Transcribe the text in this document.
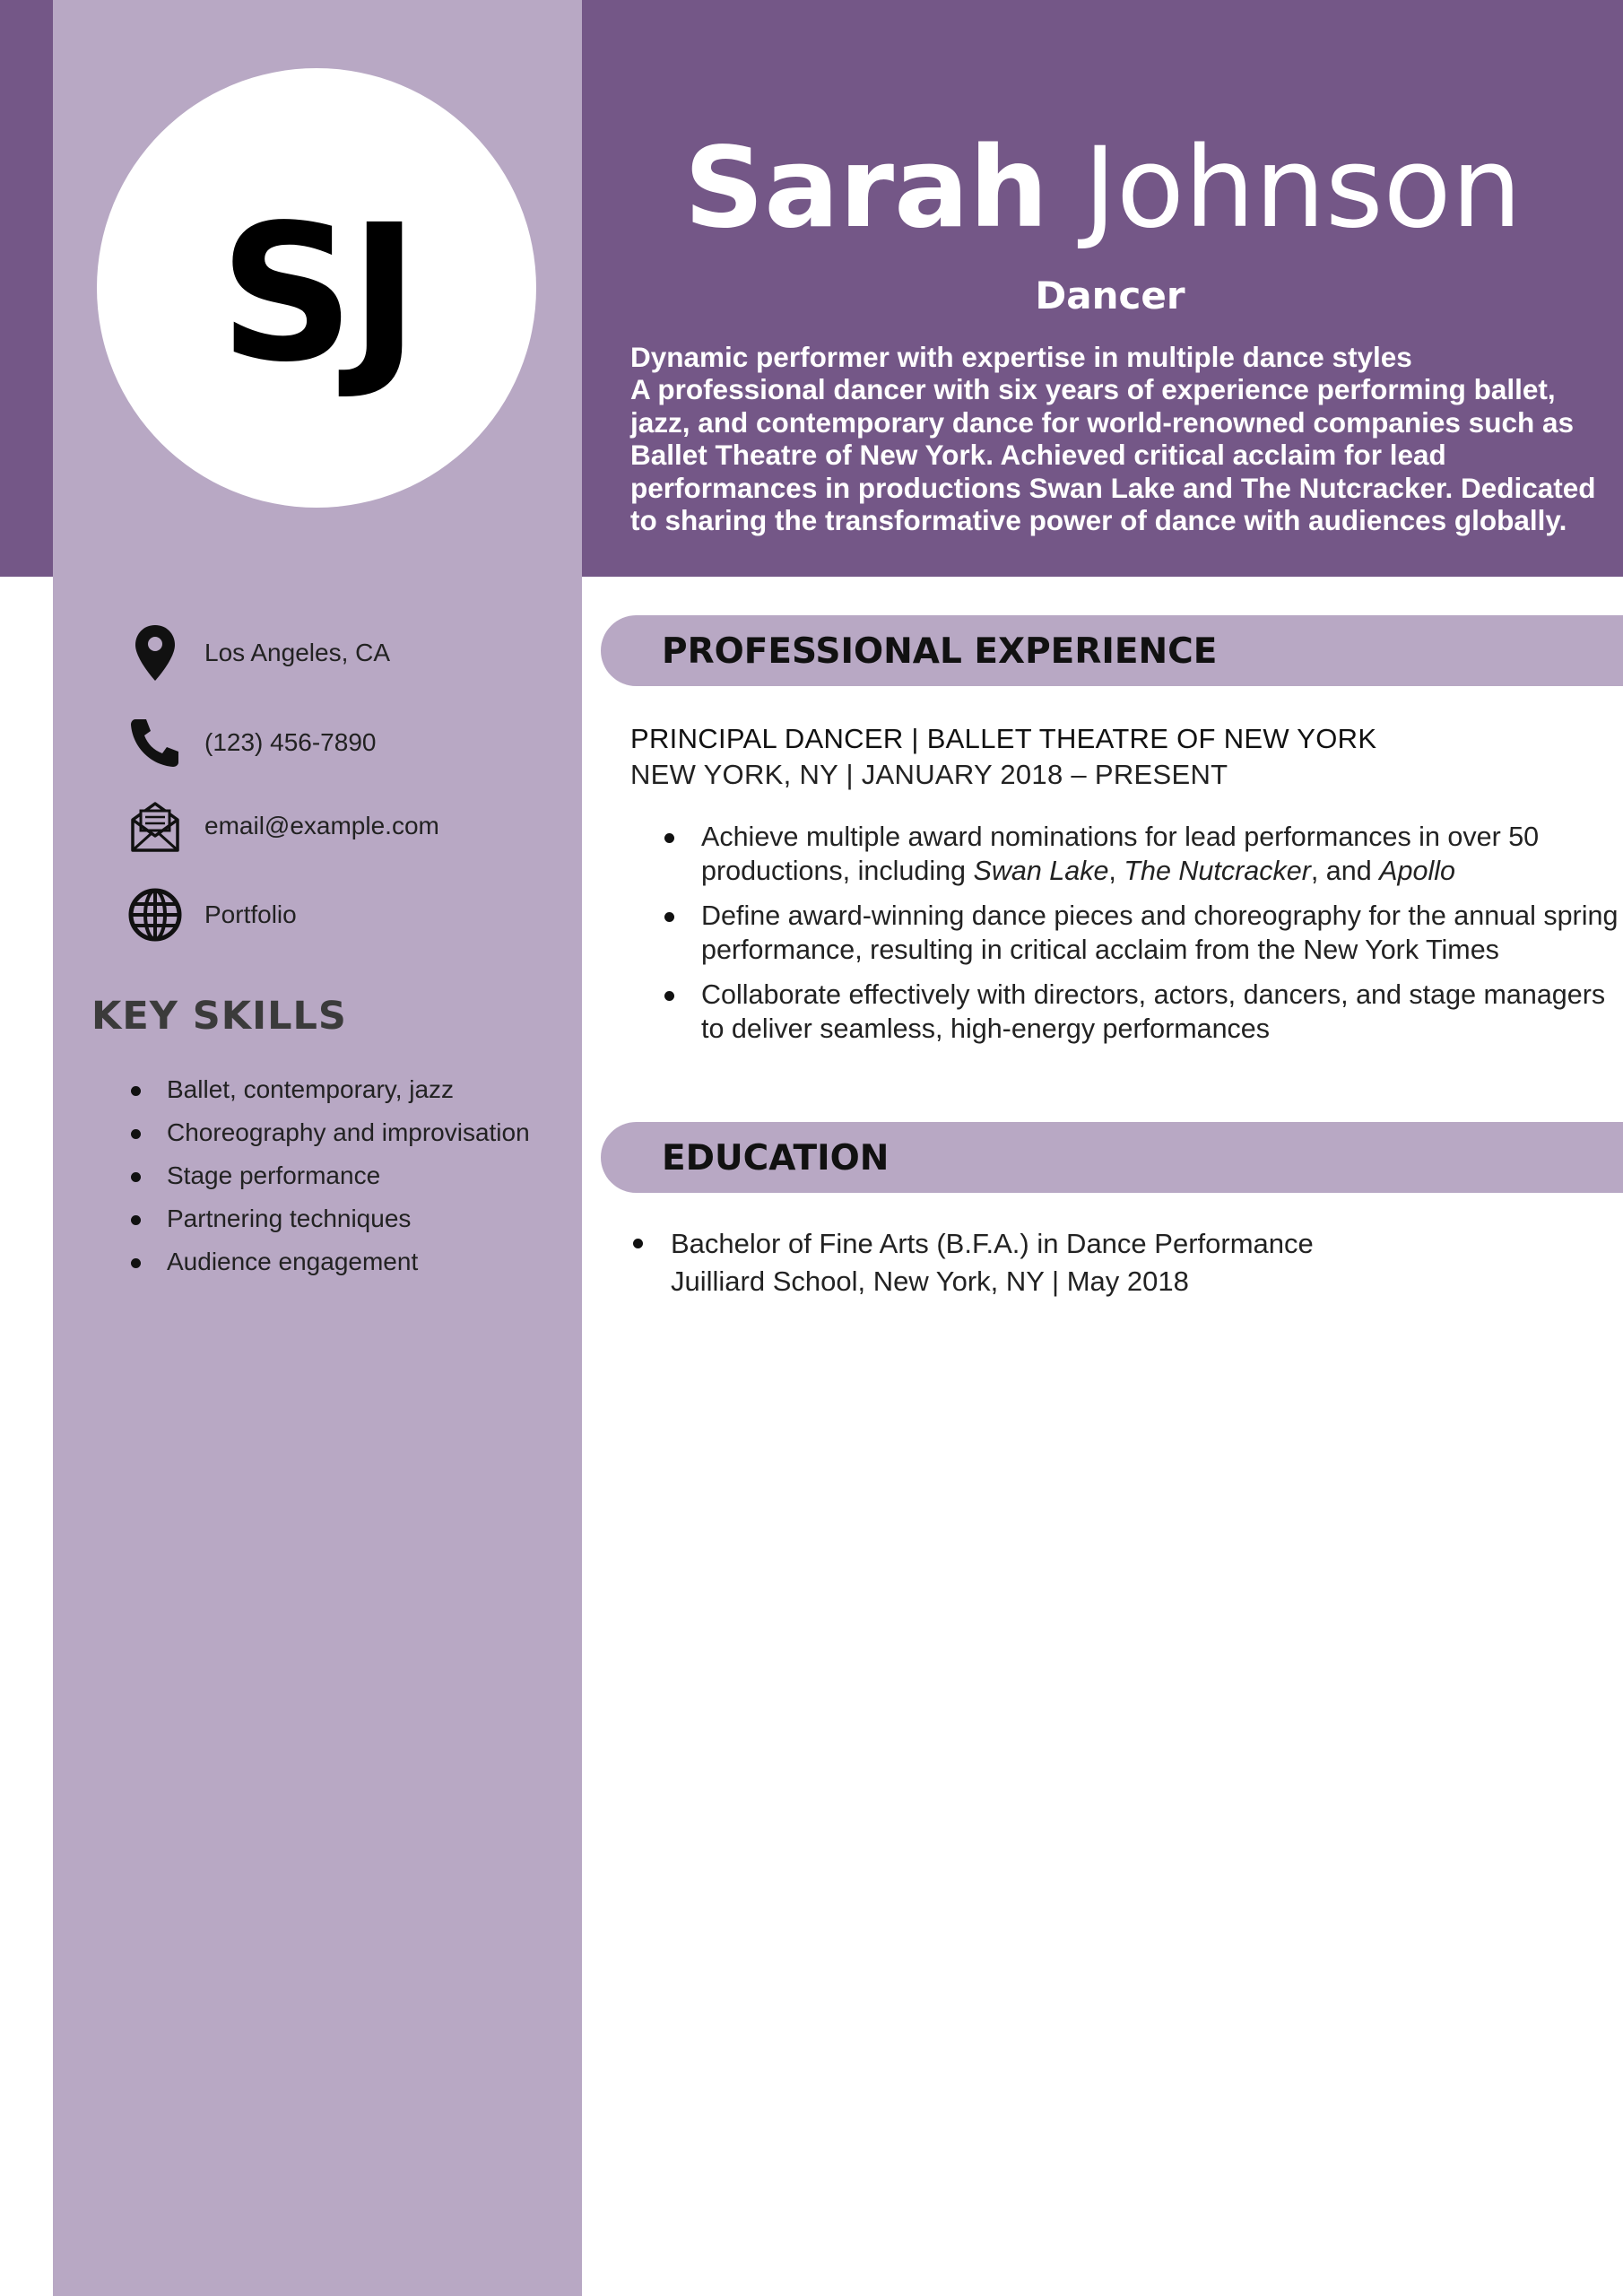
SJ	Sarah Johnson
Dancer
Dynamic performer with expertise in multiple dance styles
A professional dancer with six years of experience performing ballet,
jazz, and contemporary dance for world-renowned companies such as
Ballet Theatre of New York. Achieved critical acclaim for lead
performances in productions Swan Lake and The Nutcracker. Dedicated
to sharing the transformative power of dance with audiences globally.
Los Angeles, CA
(123) 456-7890
email@example.com
Portfolio
KEY SKILLS
Ballet, contemporary, jazz
Choreography and improvisation
Stage performance
Partnering techniques
Audience engagement
PROFESSIONAL EXPERIENCE
PRINCIPAL DANCER | BALLET THEATRE OF NEW YORK
NEW YORK, NY | JANUARY 2018 – PRESENT
Achieve multiple award nominations for lead performances in over 50 productions, including Swan Lake, The Nutcracker, and Apollo
Define award-winning dance pieces and choreography for the annual spring performance, resulting in critical acclaim from the New York Times
Collaborate effectively with directors, actors, dancers, and stage managers to deliver seamless, high-energy performances
EDUCATION
Bachelor of Fine Arts (B.F.A.) in Dance Performance
Juilliard School, New York, NY | May 2018
